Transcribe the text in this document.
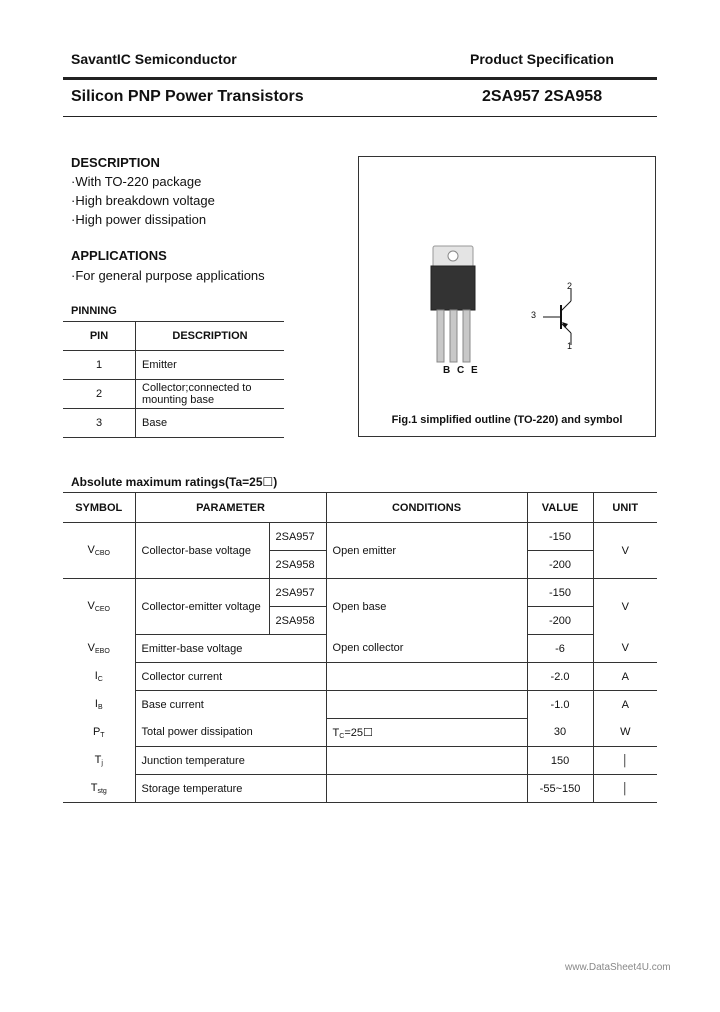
SavantIC Semiconductor	Product Specification
Silicon PNP Power Transistors	2SA957 2SA958
DESCRIPTION
·With TO-220 package
·High breakdown voltage
·High power dissipation
APPLICATIONS
·For general purpose applications
PINNING
PIN	DESCRIPTION
1	Emitter
2	Collector;connected to
mounting base

3	Base
B C E
2
3
1
Fig.1 simplified outline (TO-220) and symbol
Absolute maximum ratings(Ta=25☐)
SYMBOL	PARAMETER		CONDITIONS	VALUE	UNIT
$V_{CBO}$	Collector-base voltage	2SA957	Open emitter	-150	V
		2SA958		-200	
$V_{CEO}$	Collector-emitter voltage	2SA957	Open base	-150	V
		2SA958		-200	
$V_{EBO}$	Emitter-base voltage		Open collector	-6	V
$I_C$	Collector current			-2.0	A
$I_B$	Base current			-1.0	A
$P_T$	Total power dissipation		$T_C=25☐$	30	W
$T_j$	Junction temperature			150	│
$T_{stg}$	Storage temperature			-55~150	│
www.DataSheet4U.com
